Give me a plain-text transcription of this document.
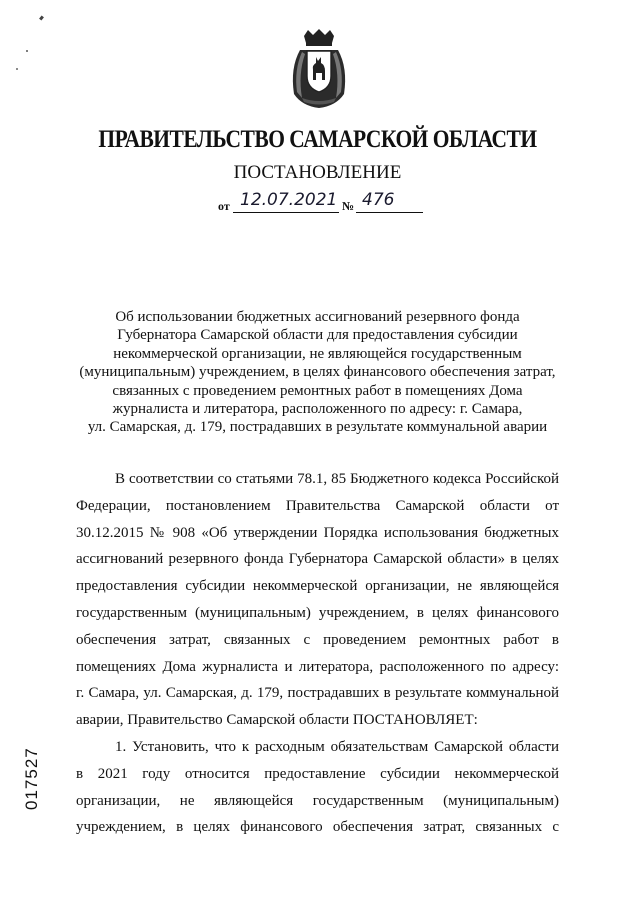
ПРАВИТЕЛЬСТВО САМАРСКОЙ ОБЛАСТИ
ПОСТАНОВЛЕНИЕ
от 12.07.2021 № 476
Об использовании бюджетных ассигнований резервного фонда
Губернатора Самарской области для предоставления субсидии
некоммерческой организации, не являющейся государственным
(муниципальным) учреждением, в целях финансового обеспечения затрат,
связанных с проведением ремонтных работ в помещениях Дома
журналиста и литератора, расположенного по адресу: г. Самара,
ул. Самарская, д. 179, пострадавших в результате коммунальной аварии
В соответствии со статьями 78.1, 85 Бюджетного кодекса Российской
Федерации, постановлением Правительства Самарской области от
30.12.2015 № 908 «Об утверждении Порядка использования бюджетных
ассигнований резервного фонда Губернатора Самарской области» в целях
предоставления субсидии некоммерческой организации, не являющейся
государственным (муниципальным) учреждением, в целях финансового
обеспечения затрат, связанных с проведением ремонтных работ в
помещениях Дома журналиста и литератора, расположенного по адресу:
г. Самара, ул. Самарская, д. 179, пострадавших в результате коммунальной
аварии, Правительство Самарской области ПОСТАНОВЛЯЕТ:
1. Установить, что к расходным обязательствам Самарской области
в 2021 году относится предоставление субсидии некоммерческой
организации, не являющейся государственным (муниципальным)
учреждением, в целях финансового обеспечения затрат, связанных с
017527
